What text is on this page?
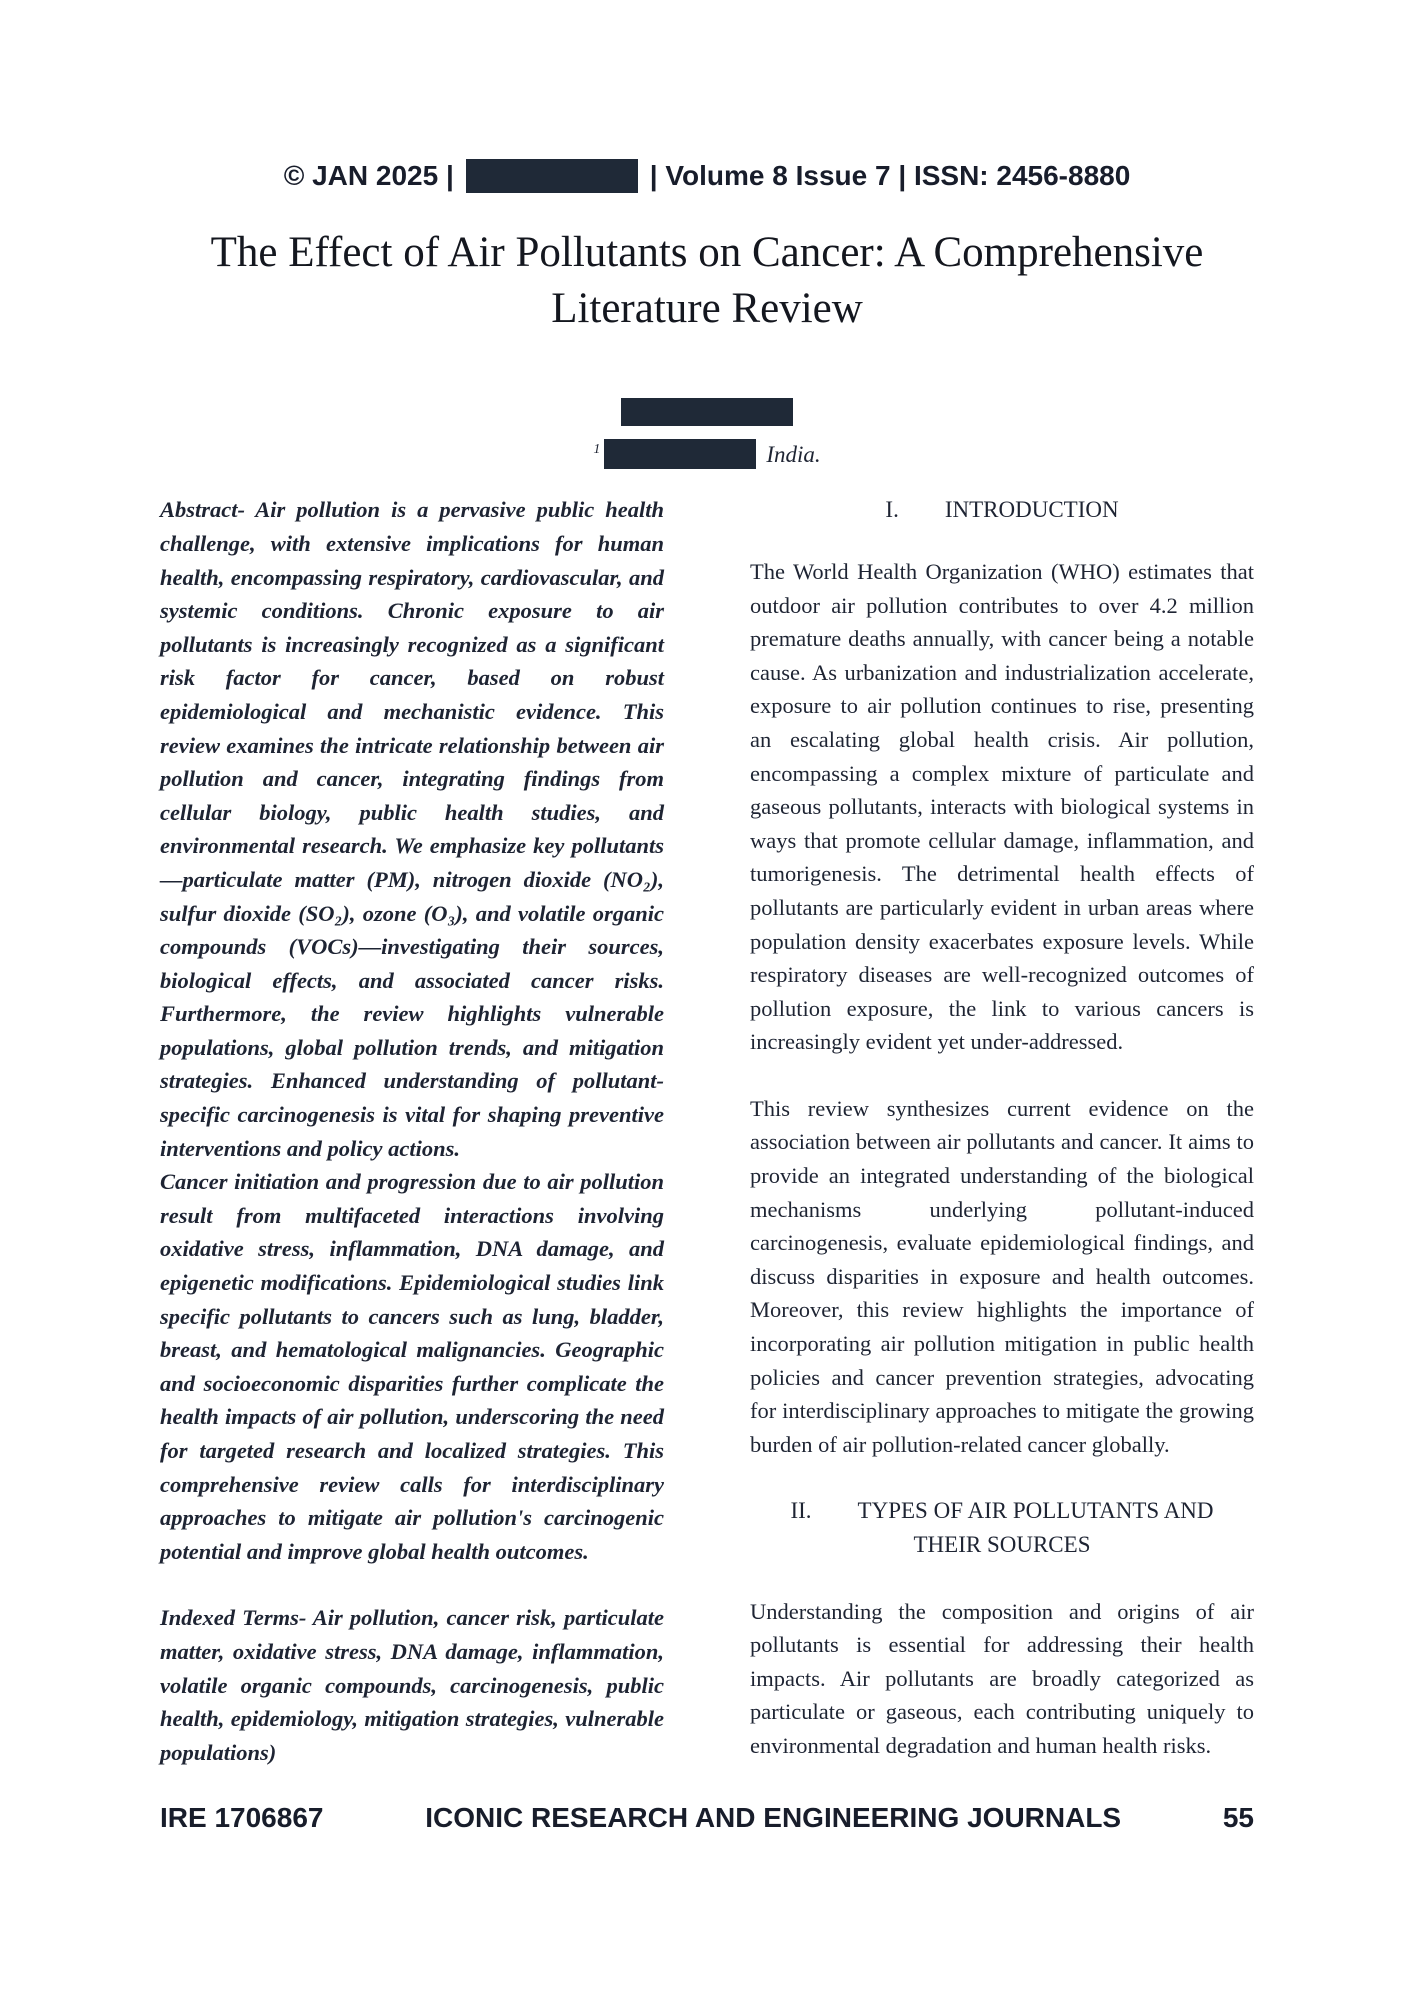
© JAN 2025 |	| Volume 8 Issue 7 | ISSN: 2456-8880
The Effect of Air Pollutants on Cancer: A Comprehensive Literature Review
$^1$	India.

Abstract- Air pollution is a pervasive public health challenge, with extensive implications for human health, encompassing respiratory, cardiovascular, and systemic conditions. Chronic exposure to air pollutants is increasingly recognized as a significant risk factor for cancer, based on robust epidemiological and mechanistic evidence. This review examines the intricate relationship between air pollution and cancer, integrating findings from cellular biology, public health studies, and environmental research. We emphasize key pollutants—particulate matter (PM), nitrogen dioxide (NO₂), sulfur dioxide (SO₂), ozone (O₃), and volatile organic compounds (VOCs)—investigating their sources, biological effects, and associated cancer risks. Furthermore, the review highlights vulnerable populations, global pollution trends, and mitigation strategies. Enhanced understanding of pollutant-specific carcinogenesis is vital for shaping preventive interventions and policy actions.

Cancer initiation and progression due to air pollution result from multifaceted interactions involving oxidative stress, inflammation, DNA damage, and epigenetic modifications. Epidemiological studies link specific pollutants to cancers such as lung, bladder, breast, and hematological malignancies. Geographic and socioeconomic disparities further complicate the health impacts of air pollution, underscoring the need for targeted research and localized strategies. This comprehensive review calls for interdisciplinary approaches to mitigate air pollution's carcinogenic potential and improve global health outcomes.

Indexed Terms- Air pollution, cancer risk, particulate matter, oxidative stress, DNA damage, inflammation, volatile organic compounds, carcinogenesis, public health, epidemiology, mitigation strategies, vulnerable populations)

I. INTRODUCTION

The World Health Organization (WHO) estimates that outdoor air pollution contributes to over 4.2 million premature deaths annually, with cancer being a notable cause. As urbanization and industrialization accelerate, exposure to air pollution continues to rise, presenting an escalating global health crisis. Air pollution, encompassing a complex mixture of particulate and gaseous pollutants, interacts with biological systems in ways that promote cellular damage, inflammation, and tumorigenesis. The detrimental health effects of pollutants are particularly evident in urban areas where population density exacerbates exposure levels. While respiratory diseases are well-recognized outcomes of pollution exposure, the link to various cancers is increasingly evident yet under-addressed.

This review synthesizes current evidence on the association between air pollutants and cancer. It aims to provide an integrated understanding of the biological mechanisms underlying pollutant-induced carcinogenesis, evaluate epidemiological findings, and discuss disparities in exposure and health outcomes. Moreover, this review highlights the importance of incorporating air pollution mitigation in public health policies and cancer prevention strategies, advocating for interdisciplinary approaches to mitigate the growing burden of air pollution-related cancer globally.

II. TYPES OF AIR POLLUTANTS AND THEIR SOURCES

Understanding the composition and origins of air pollutants is essential for addressing their health impacts. Air pollutants are broadly categorized as particulate or gaseous, each contributing uniquely to environmental degradation and human health risks.

IRE 1706867	ICONIC RESEARCH AND ENGINEERING JOURNALS	55
